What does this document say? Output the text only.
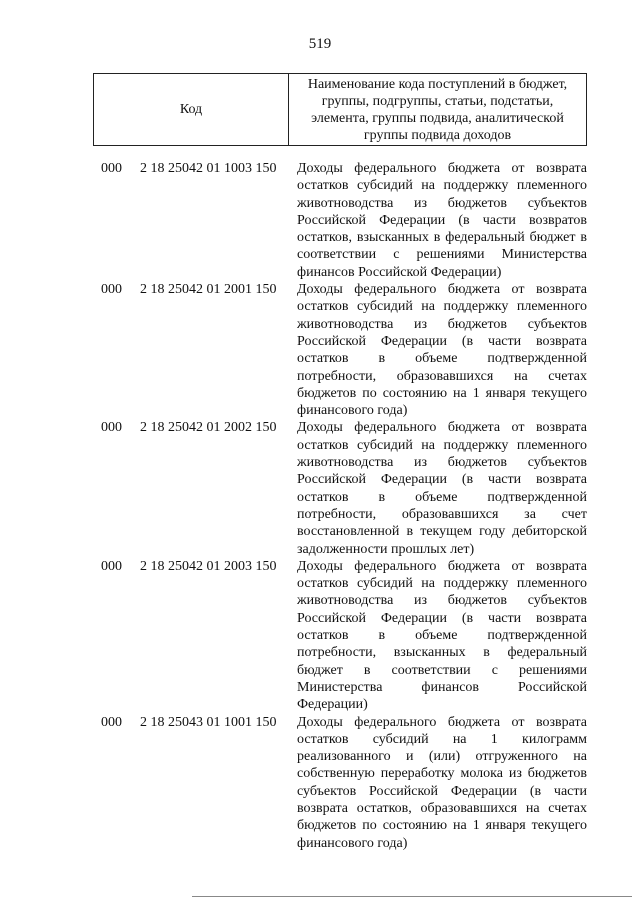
519
Код
Наименование кода поступлений в бюджет, группы, подгруппы, статьи, подстатьи, элемента, группы подвида, аналитической группы подвида доходов
000	2 18 25042 01 1003 150	Доходы федерального бюджета от возврата остатков субсидий на поддержку племенного животноводства из бюджетов субъектов Российской Федерации (в части возвратов остатков, взысканных в федеральный бюджет в соответствии с решениями Министерства финансов Российской Федерации)
000	2 18 25042 01 2001 150	Доходы федерального бюджета от возврата остатков субсидий на поддержку племенного животноводства из бюджетов субъектов Российской Федерации (в части возврата остатков в объеме подтвержденной потребности, образовавшихся на счетах бюджетов по состоянию на 1 января текущего финансового года)
000	2 18 25042 01 2002 150	Доходы федерального бюджета от возврата остатков субсидий на поддержку племенного животноводства из бюджетов субъектов Российской Федерации (в части возврата остатков в объеме подтвержденной потребности, образовавшихся за счет восстановленной в текущем году дебиторской задолженности прошлых лет)
000	2 18 25042 01 2003 150	Доходы федерального бюджета от возврата остатков субсидий на поддержку племенного животноводства из бюджетов субъектов Российской Федерации (в части возврата остатков в объеме подтвержденной потребности, взысканных в федеральный бюджет в соответствии с решениями Министерства финансов Российской Федерации)
000	2 18 25043 01 1001 150	Доходы федерального бюджета от возврата остатков субсидий на 1 килограмм реализованного и (или) отгруженного на собственную переработку молока из бюджетов субъектов Российской Федерации (в части возврата остатков, образовавшихся на счетах бюджетов по состоянию на 1 января текущего финансового года)
